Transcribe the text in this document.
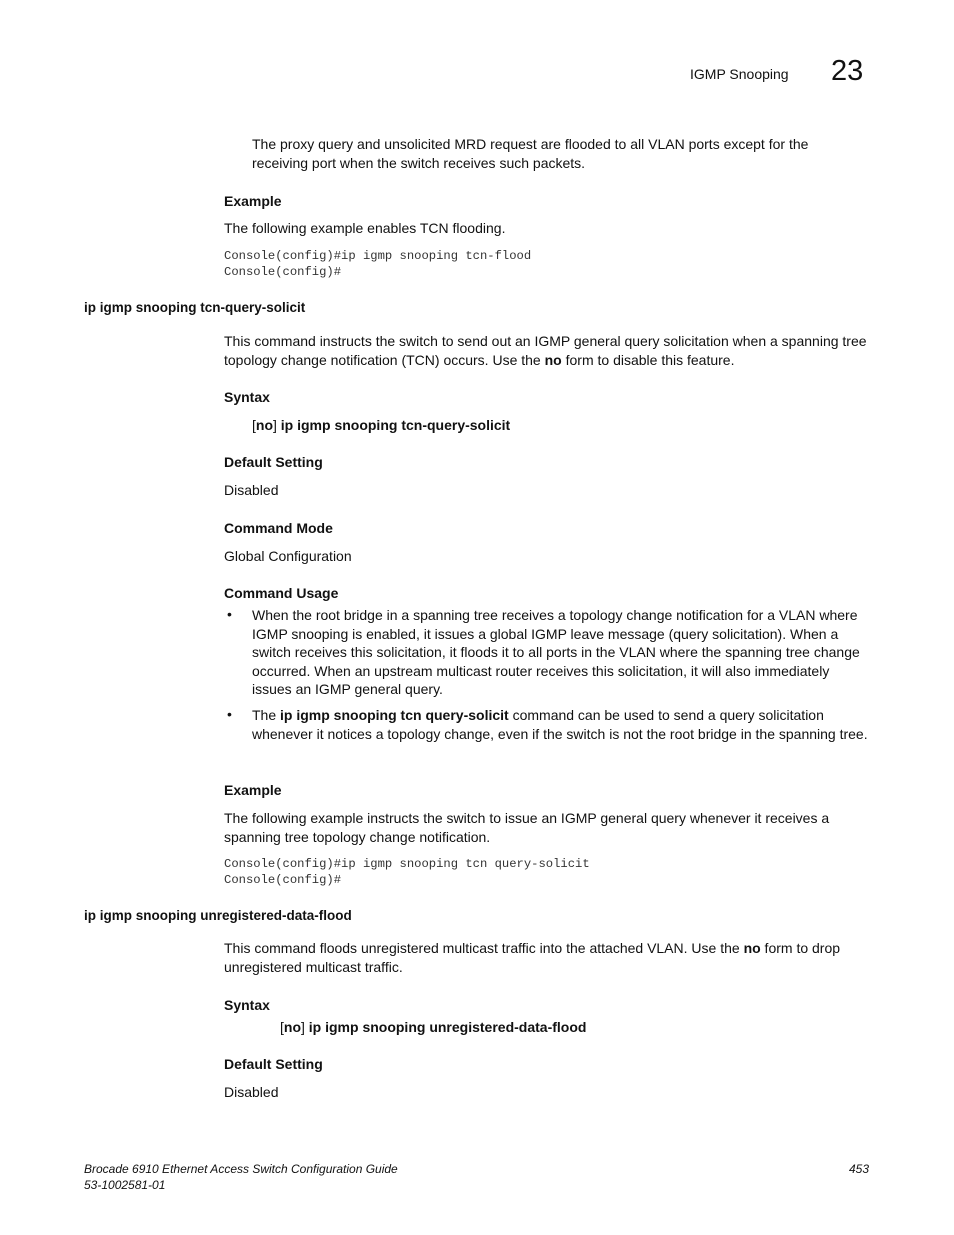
IGMP Snooping 23
The proxy query and unsolicited MRD request are flooded to all VLAN ports except for the receiving port when the switch receives such packets.
Example
The following example enables TCN flooding.
Console(config)#ip igmp snooping tcn-flood
Console(config)#
ip igmp snooping tcn-query-solicit
This command instructs the switch to send out an IGMP general query solicitation when a spanning tree topology change notification (TCN) occurs. Use the no form to disable this feature.
Syntax
[no] ip igmp snooping tcn-query-solicit
Default Setting
Disabled
Command Mode
Global Configuration
Command Usage
• When the root bridge in a spanning tree receives a topology change notification for a VLAN where IGMP snooping is enabled, it issues a global IGMP leave message (query solicitation). When a switch receives this solicitation, it floods it to all ports in the VLAN where the spanning tree change occurred. When an upstream multicast router receives this solicitation, it will also immediately issues an IGMP general query.
• The ip igmp snooping tcn query-solicit command can be used to send a query solicitation whenever it notices a topology change, even if the switch is not the root bridge in the spanning tree.
Example
The following example instructs the switch to issue an IGMP general query whenever it receives a spanning tree topology change notification.
Console(config)#ip igmp snooping tcn query-solicit
Console(config)#
ip igmp snooping unregistered-data-flood
This command floods unregistered multicast traffic into the attached VLAN. Use the no form to drop unregistered multicast traffic.
Syntax
[no] ip igmp snooping unregistered-data-flood
Default Setting
Disabled
Brocade 6910 Ethernet Access Switch Configuration Guide
53-1002581-01
453
